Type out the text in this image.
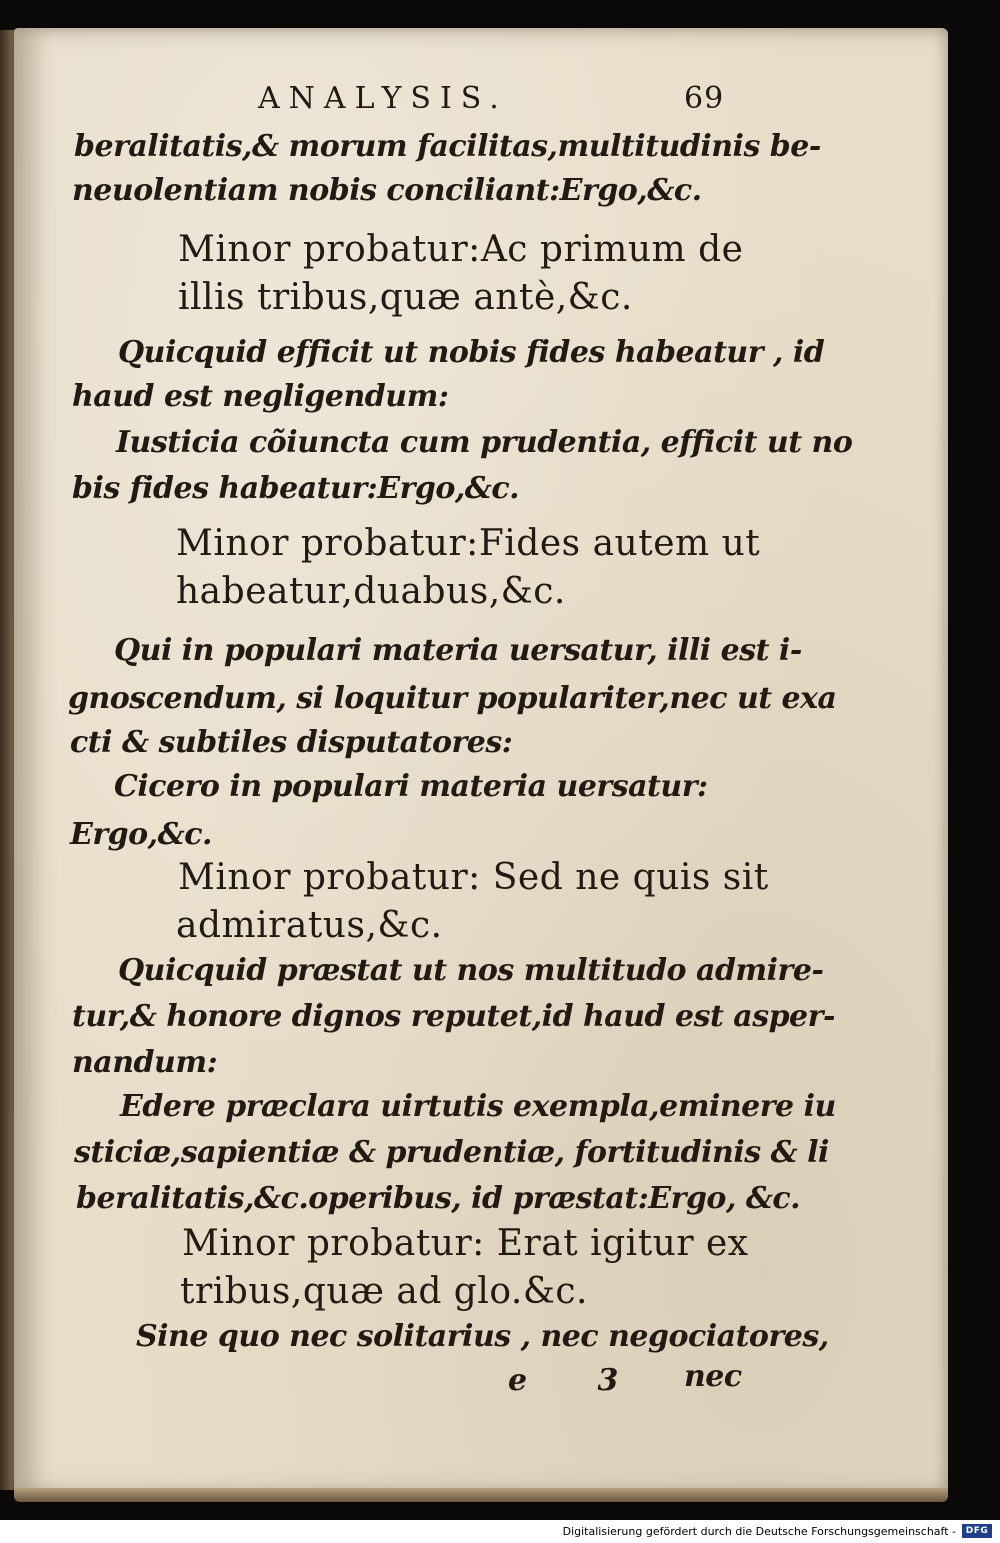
ANALYSIS.	69
beralitatis,& morum facilitas,multitudinis be-
neuolentiam nobis conciliant:Ergo,&c.
Minor probatur:Ac primum de
illis tribus,quæ antè,&c.
Quicquid efficit ut nobis fides habeatur , id
haud est negligendum:
Iusticia cõiuncta cum prudentia, efficit ut no
bis fides habeatur:Ergo,&c.
Minor probatur:Fides autem ut
habeatur,duabus,&c.
Qui in populari materia uersatur, illi est i-
gnoscendum, si loquitur populariter,nec ut exa
cti & subtiles disputatores:
Cicero in populari materia uersatur:
Ergo,&c.
Minor probatur: Sed ne quis sit
admiratus,&c.
Quicquid præstat ut nos multitudo admire-
tur,& honore dignos reputet,id haud est asper-
nandum:
Edere præclara uirtutis exempla,eminere iu
sticiæ,sapientiæ & prudentiæ, fortitudinis & li
beralitatis,&c.operibus, id præstat:Ergo, &c.
Minor probatur: Erat igitur ex
tribus,quæ ad glo.&c.
Sine quo nec solitarius , nec negociatores,
e 3 nec
Digitalisierung gefördert durch die Deutsche Forschungsgemeinschaft -	DFG
